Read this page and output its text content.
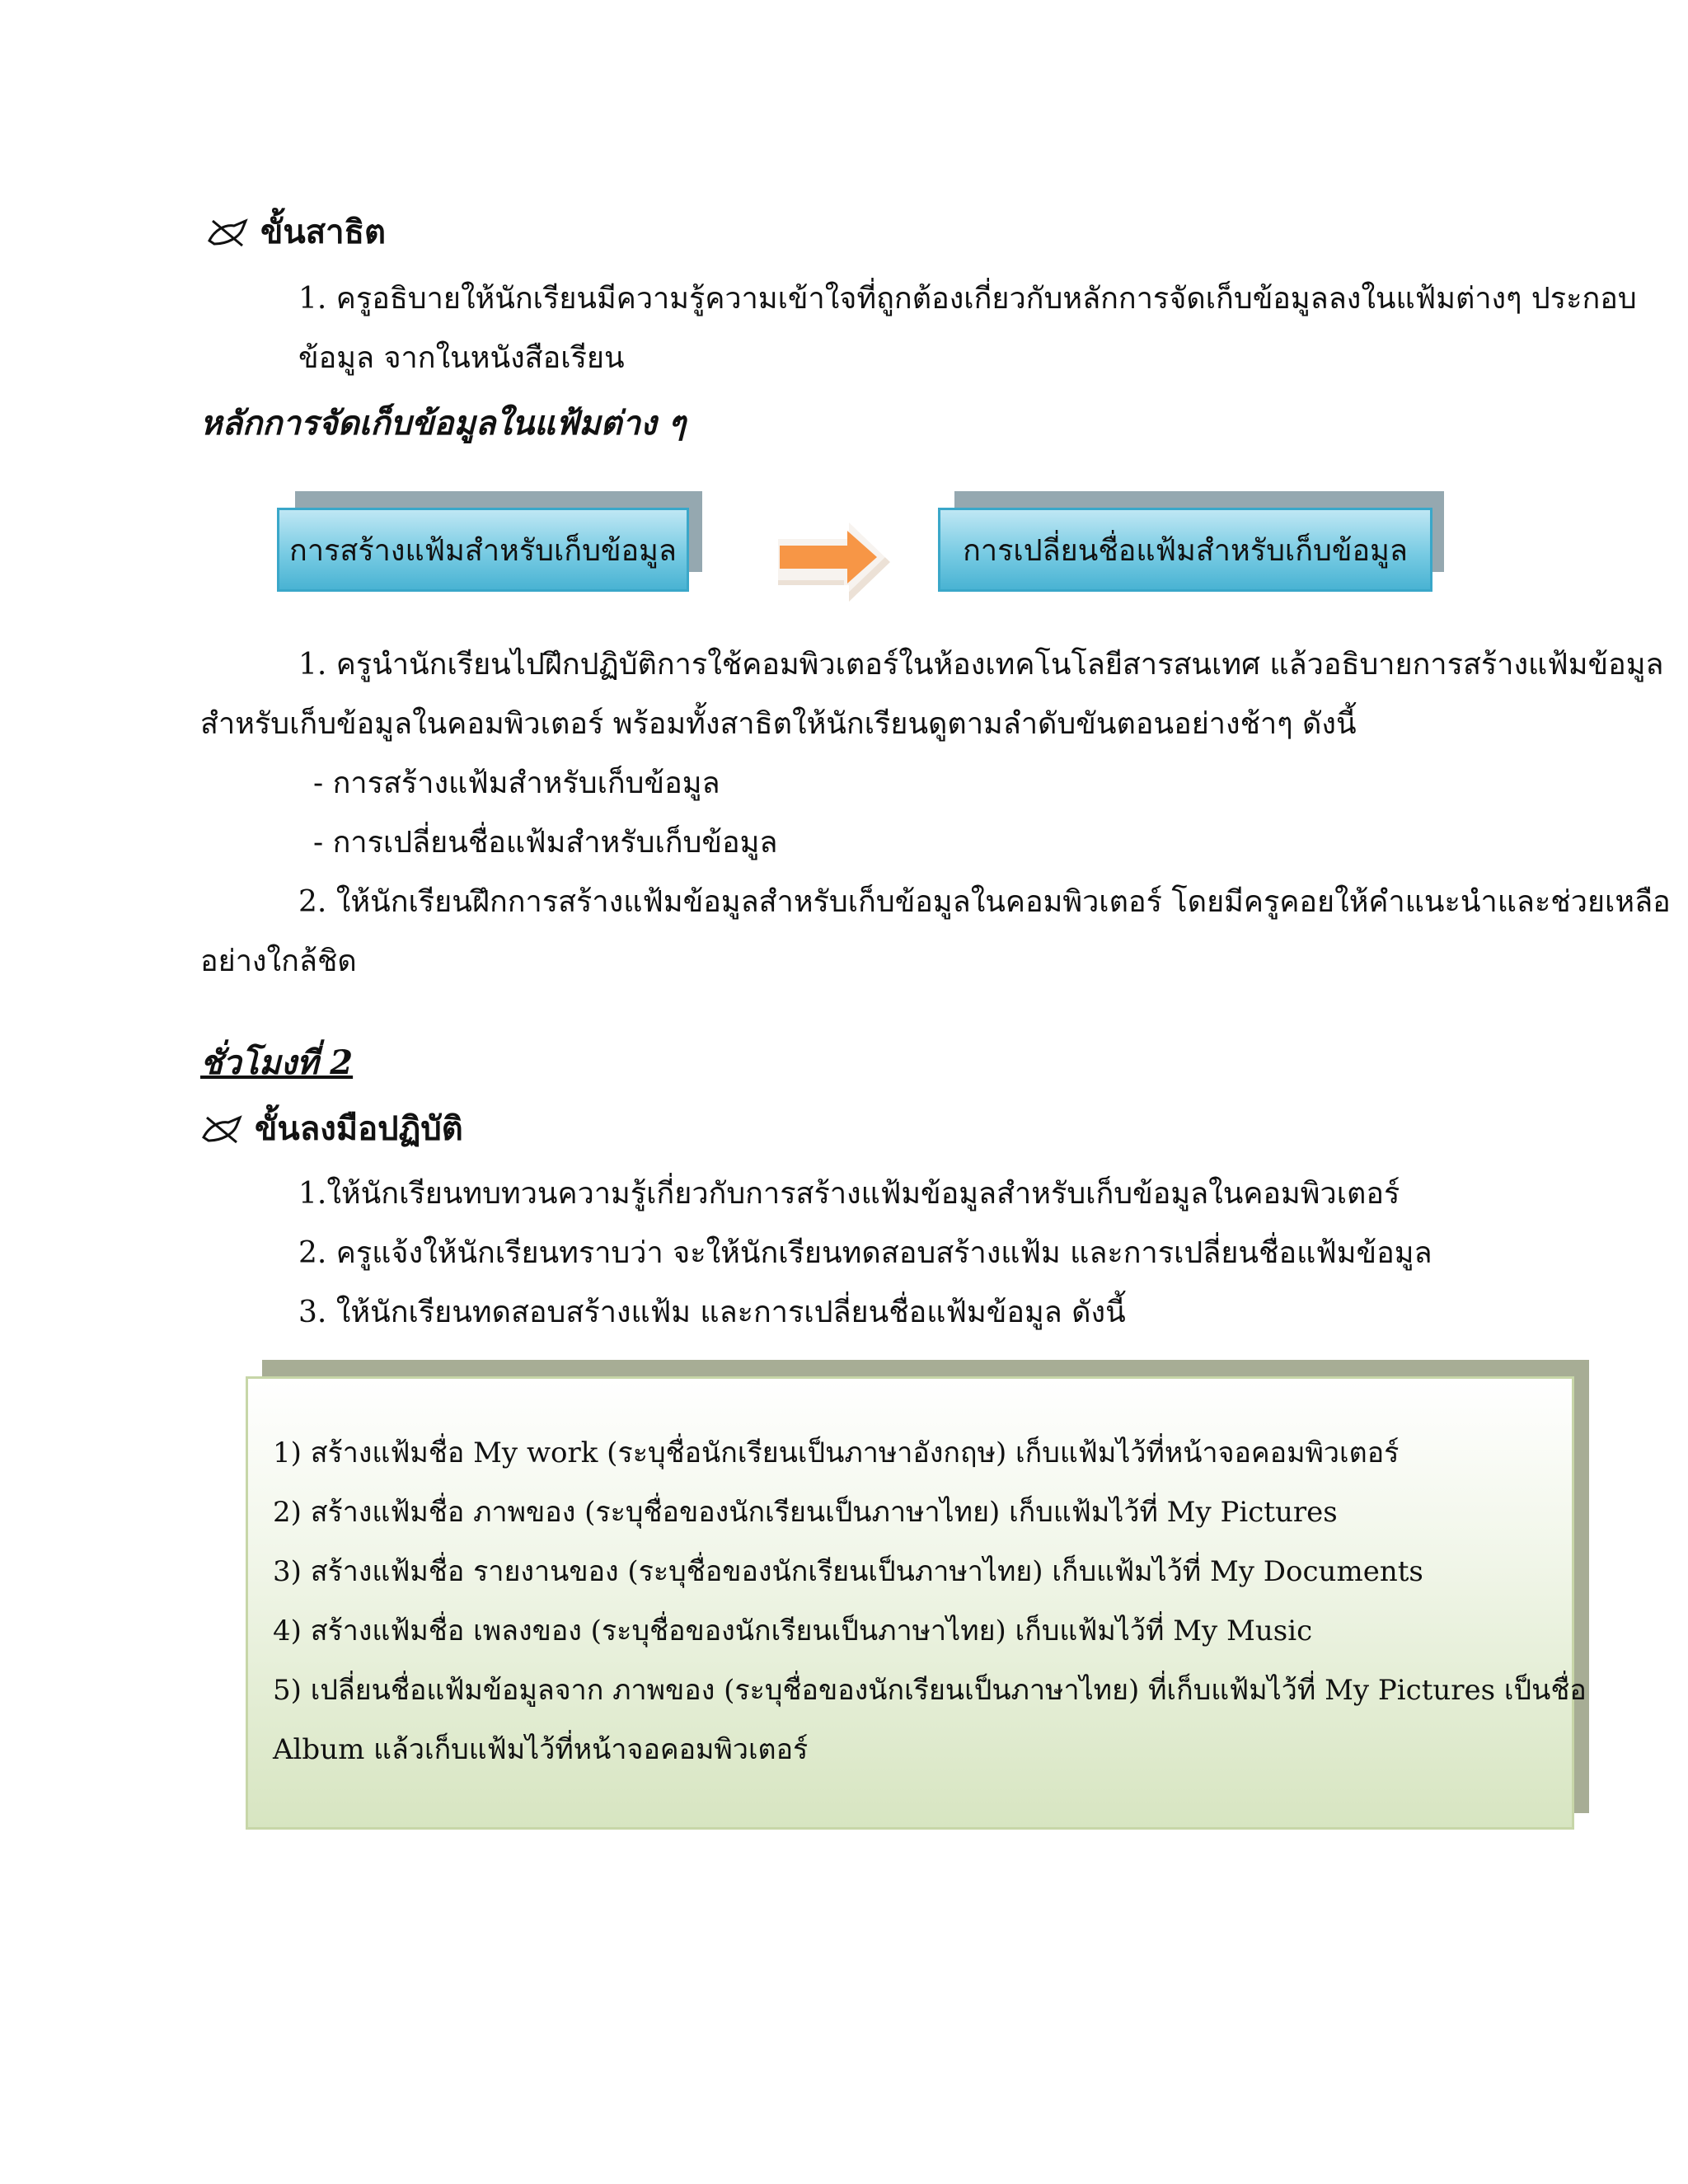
ขั้นสาธิต
1. ครูอธิบายให้นักเรียนมีความรู้ความเข้าใจที่ถูกต้องเกี่ยวกับหลักการจัดเก็บข้อมูลลงในแฟ้มต่างๆ ประกอบ
ข้อมูล จากในหนังสือเรียน
หลักการจัดเก็บข้อมูลในแฟ้มต่าง ๆ
การสร้างแฟ้มสำหรับเก็บข้อมูล	การเปลี่ยนชื่อแฟ้มสำหรับเก็บข้อมูล
1. ครูนำนักเรียนไปฝึกปฏิบัติการใช้คอมพิวเตอร์ในห้องเทคโนโลยีสารสนเทศ แล้วอธิบายการสร้างแฟ้มข้อมูล
สำหรับเก็บข้อมูลในคอมพิวเตอร์ พร้อมทั้งสาธิตให้นักเรียนดูตามลำดับขันตอนอย่างช้าๆ ดังนี้
- การสร้างแฟ้มสำหรับเก็บข้อมูล
- การเปลี่ยนชื่อแฟ้มสำหรับเก็บข้อมูล
2. ให้นักเรียนฝึกการสร้างแฟ้มข้อมูลสำหรับเก็บข้อมูลในคอมพิวเตอร์ โดยมีครูคอยให้คำแนะนำและช่วยเหลือ
อย่างใกล้ชิด
ชั่วโมงที่ 2
ขั้นลงมือปฏิบัติ
1.ให้นักเรียนทบทวนความรู้เกี่ยวกับการสร้างแฟ้มข้อมูลสำหรับเก็บข้อมูลในคอมพิวเตอร์
2. ครูแจ้งให้นักเรียนทราบว่า จะให้นักเรียนทดสอบสร้างแฟ้ม และการเปลี่ยนชื่อแฟ้มข้อมูล
3. ให้นักเรียนทดสอบสร้างแฟ้ม และการเปลี่ยนชื่อแฟ้มข้อมูล ดังนี้
1) สร้างแฟ้มชื่อ My work (ระบุชื่อนักเรียนเป็นภาษาอังกฤษ) เก็บแฟ้มไว้ที่หน้าจอคอมพิวเตอร์
2) สร้างแฟ้มชื่อ ภาพของ (ระบุชื่อของนักเรียนเป็นภาษาไทย) เก็บแฟ้มไว้ที่ My Pictures
3) สร้างแฟ้มชื่อ รายงานของ (ระบุชื่อของนักเรียนเป็นภาษาไทย) เก็บแฟ้มไว้ที่ My Documents
4) สร้างแฟ้มชื่อ เพลงของ (ระบุชื่อของนักเรียนเป็นภาษาไทย) เก็บแฟ้มไว้ที่ My Music
5) เปลี่ยนชื่อแฟ้มข้อมูลจาก ภาพของ (ระบุชื่อของนักเรียนเป็นภาษาไทย) ที่เก็บแฟ้มไว้ที่ My Pictures เป็นชื่อ
Album แล้วเก็บแฟ้มไว้ที่หน้าจอคอมพิวเตอร์
